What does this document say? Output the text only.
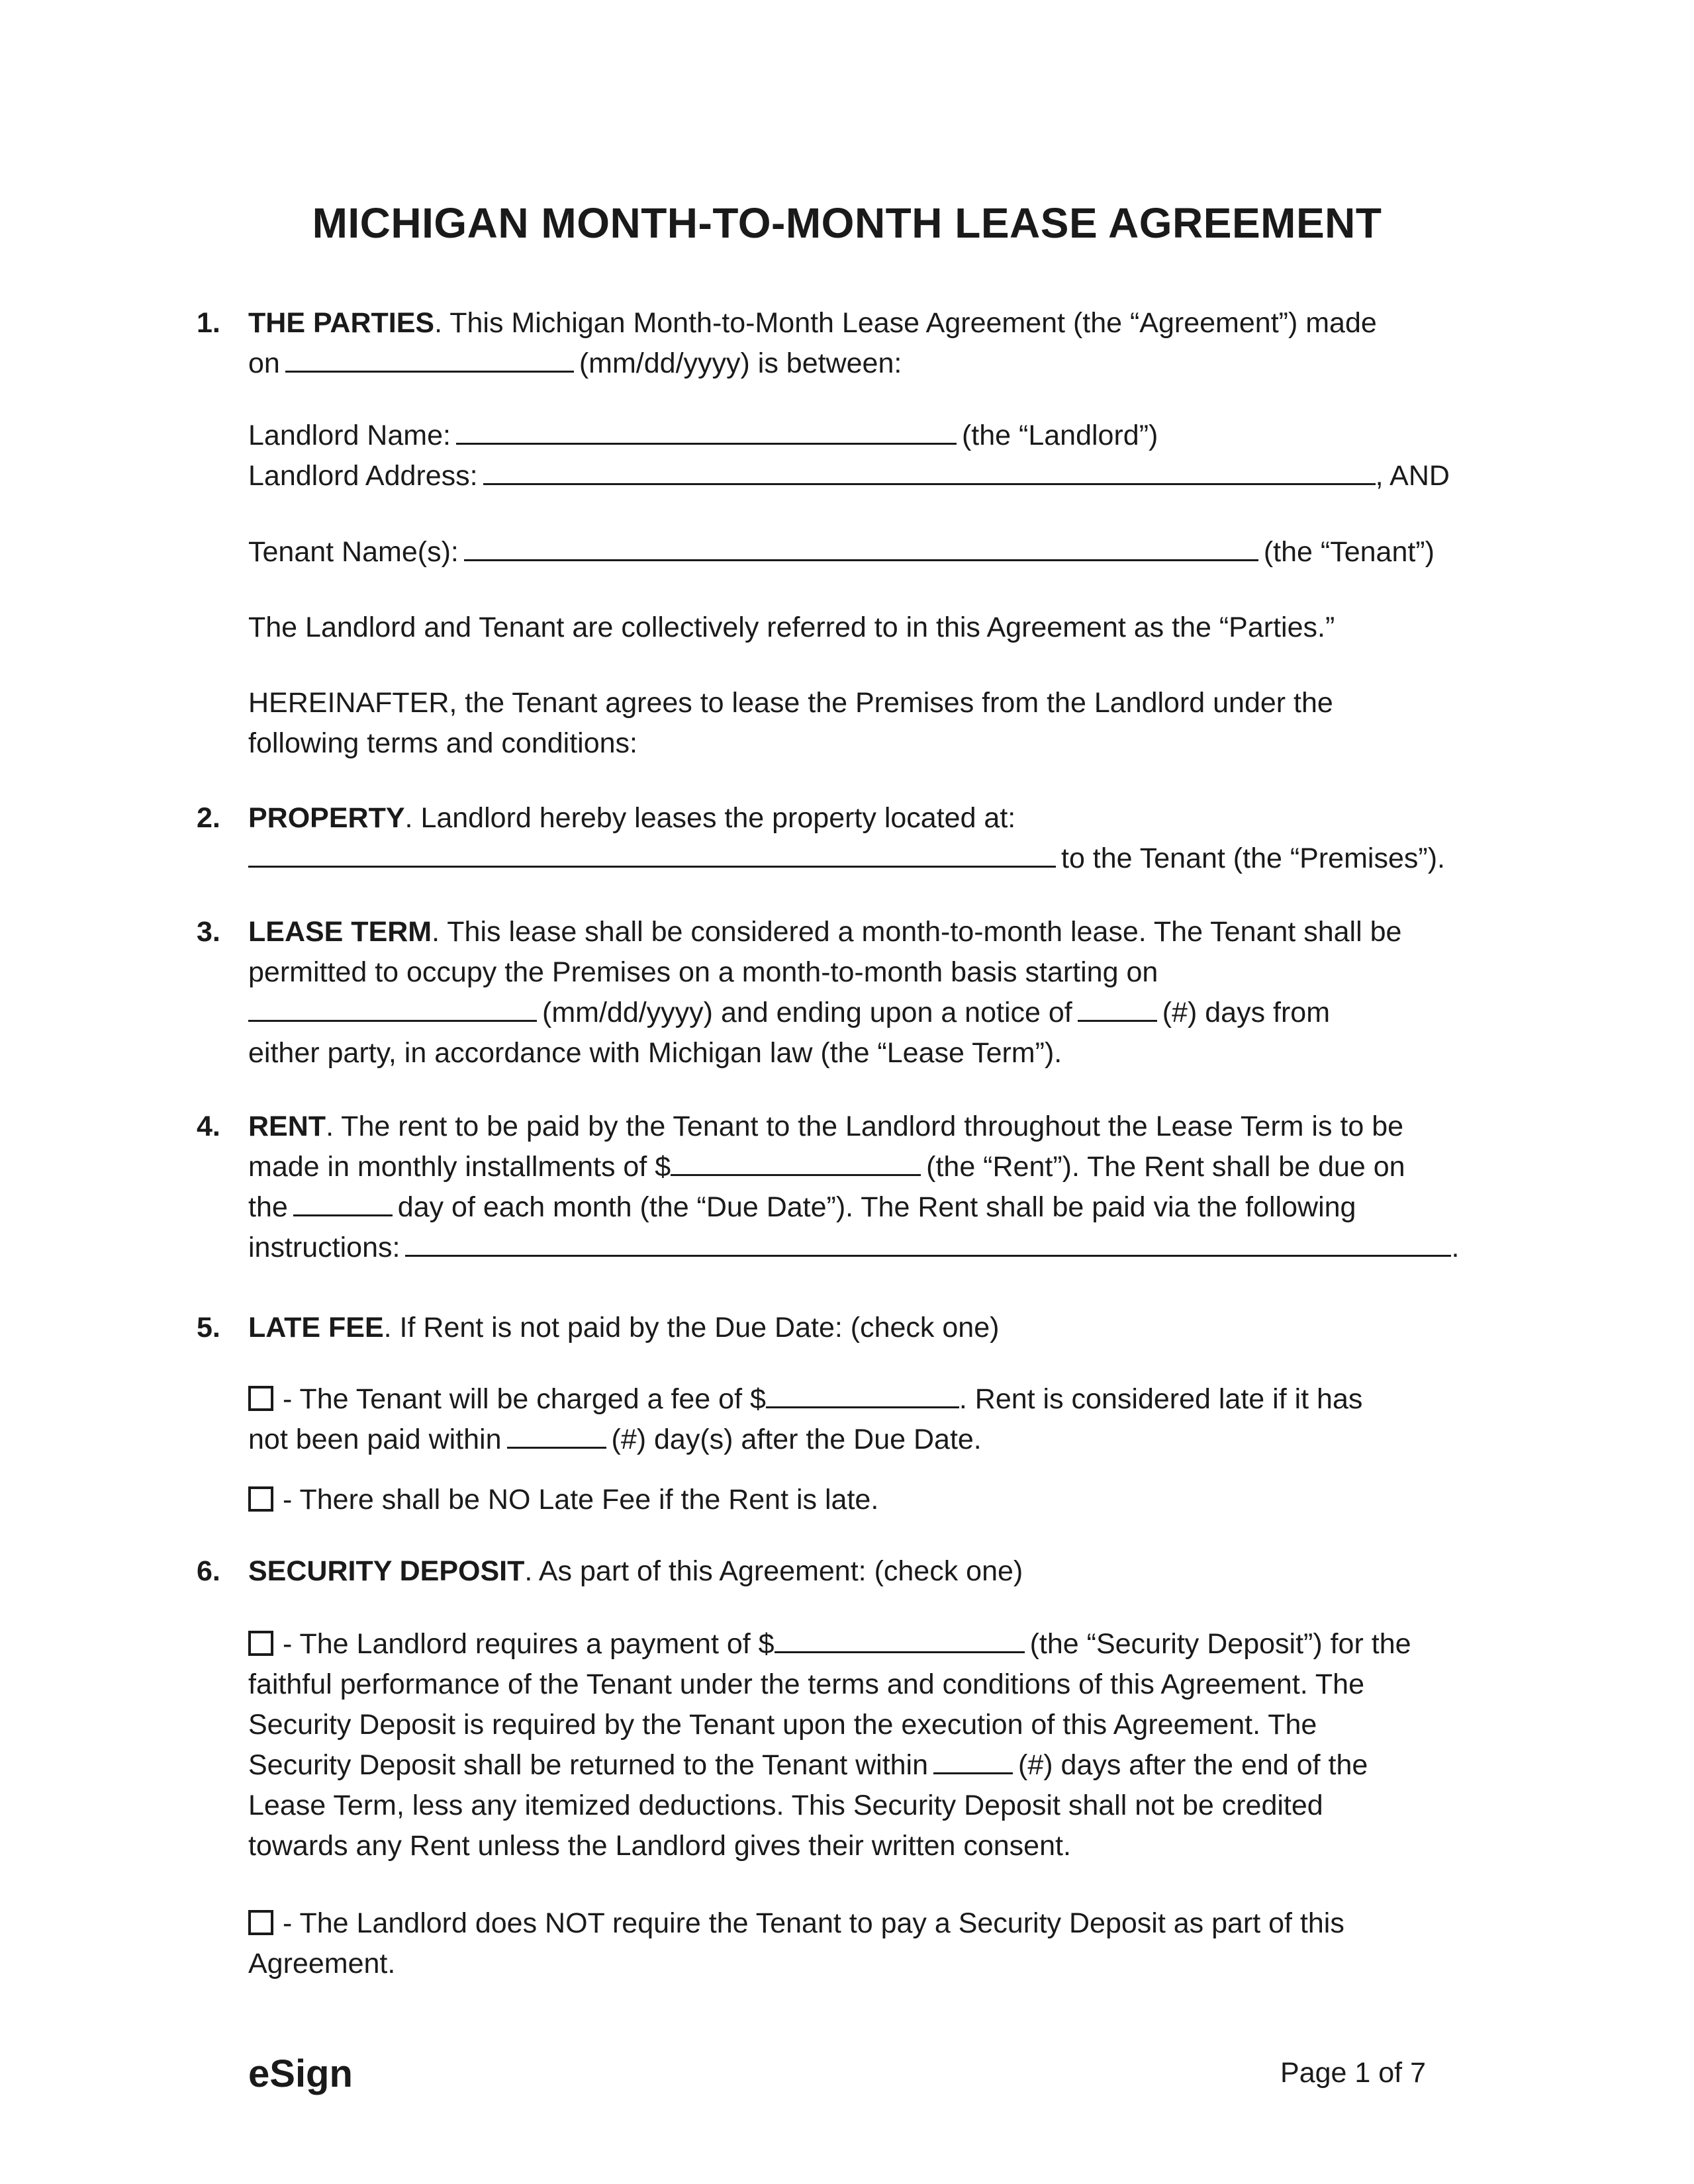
MICHIGAN MONTH-TO-MONTH LEASE AGREEMENT
1. THE PARTIES. This Michigan Month-to-Month Lease Agreement (the “Agreement”) made
on	(mm/dd/yyyy) is between:
Landlord Name:	(the “Landlord”)
Landlord Address:	, AND
Tenant Name(s):	(the “Tenant”)
The Landlord and Tenant are collectively referred to in this Agreement as the “Parties.”
HEREINAFTER, the Tenant agrees to lease the Premises from the Landlord under the following terms and conditions:
2. PROPERTY. Landlord hereby leases the property located at:
to the Tenant (the “Premises”).
3. LEASE TERM. This lease shall be considered a month-to-month lease. The Tenant shall be
permitted to occupy the Premises on a month-to-month basis starting on
(mm/dd/yyyy) and ending upon a notice of	(#) days from
either party, in accordance with Michigan law (the “Lease Term”).
4. RENT. The rent to be paid by the Tenant to the Landlord throughout the Lease Term is to be
made in monthly installments of $	(the “Rent”). The Rent shall be due on
the	day of each month (the “Due Date”). The Rent shall be paid via the following
instructions:	.
5. LATE FEE. If Rent is not paid by the Due Date: (check one)
- The Tenant will be charged a fee of $	. Rent is considered late if it has
not been paid within	(#) day(s) after the Due Date.
- There shall be NO Late Fee if the Rent is late.
6. SECURITY DEPOSIT. As part of this Agreement: (check one)
- The Landlord requires a payment of $	(the “Security Deposit”) for the
faithful performance of the Tenant under the terms and conditions of this Agreement. The
Security Deposit is required by the Tenant upon the execution of this Agreement. The
Security Deposit shall be returned to the Tenant within	(#) days after the end of the
Lease Term, less any itemized deductions. This Security Deposit shall not be credited
towards any Rent unless the Landlord gives their written consent.
- The Landlord does NOT require the Tenant to pay a Security Deposit as part of this
Agreement.
eSign	Page 1 of 7
